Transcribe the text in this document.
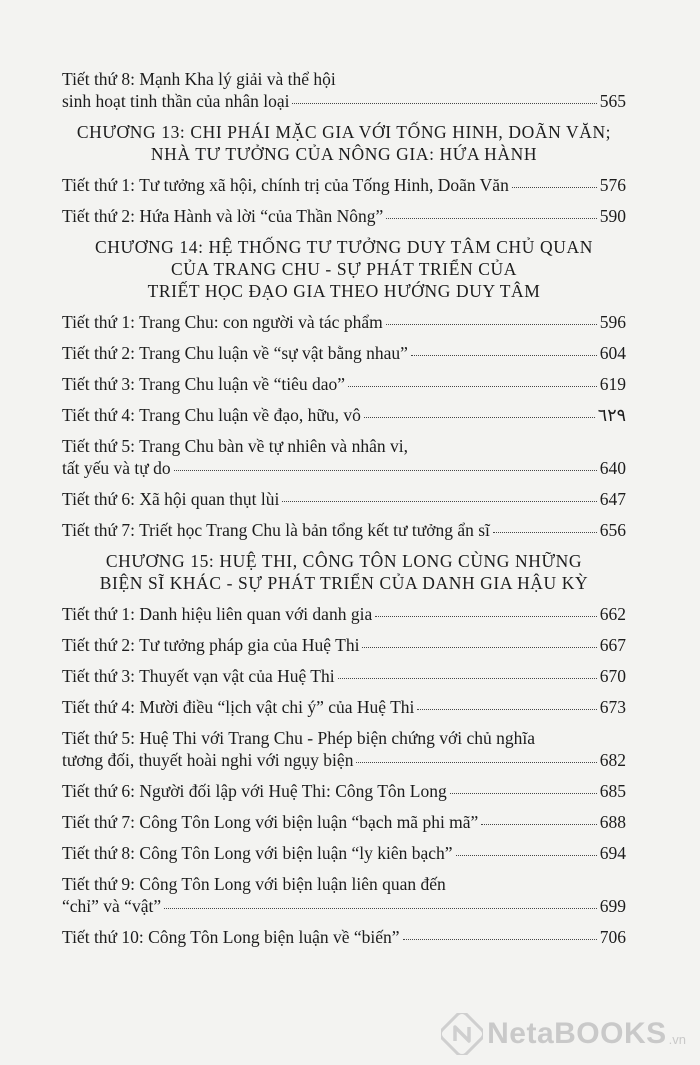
Tiết thứ 8: Mạnh Kha lý giải và thể hội
sinh hoạt tinh thần của nhân loại	565
CHƯƠNG 13: CHI PHÁI MẶC GIA VỚI TỐNG HINH, DOÃN VĂN;
NHÀ TƯ TƯỞNG CỦA NÔNG GIA: HỨA HÀNH
Tiết thứ 1: Tư tưởng xã hội, chính trị của Tống Hinh, Doãn Văn	576
Tiết thứ 2: Hứa Hành và lời “của Thần Nông”	590
CHƯƠNG 14: HỆ THỐNG TƯ TƯỞNG DUY TÂM CHỦ QUAN
CỦA TRANG CHU - SỰ PHÁT TRIỂN CỦA
TRIẾT HỌC ĐẠO GIA THEO HƯỚNG DUY TÂM
Tiết thứ 1: Trang Chu: con người và tác phẩm	596
Tiết thứ 2: Trang Chu luận về “sự vật bằng nhau”	604
Tiết thứ 3: Trang Chu luận về “tiêu dao”	619
Tiết thứ 4: Trang Chu luận về đạo, hữu, vô	٦٢٩
Tiết thứ 5: Trang Chu bàn về tự nhiên và nhân vi,
tất yếu và tự do	640
Tiết thứ 6: Xã hội quan thụt lùi	647
Tiết thứ 7: Triết học Trang Chu là bản tổng kết tư tưởng ẩn sĩ	656
CHƯƠNG 15: HUỆ THI, CÔNG TÔN LONG CÙNG NHỮNG
BIỆN SĨ KHÁC - SỰ PHÁT TRIỂN CỦA DANH GIA HẬU KỲ
Tiết thứ 1: Danh hiệu liên quan với danh gia	662
Tiết thứ 2: Tư tưởng pháp gia của Huệ Thi	667
Tiết thứ 3: Thuyết vạn vật của Huệ Thi	670
Tiết thứ 4: Mười điều “lịch vật chi ý” của Huệ Thi	673
Tiết thứ 5: Huệ Thi với Trang Chu - Phép biện chứng với chủ nghĩa
tương đối, thuyết hoài nghi với ngụy biện	682
Tiết thứ 6: Người đối lập với Huệ Thi: Công Tôn Long	685
Tiết thứ 7: Công Tôn Long với biện luận “bạch mã phi mã”	688
Tiết thứ 8: Công Tôn Long với biện luận “ly kiên bạch”	694
Tiết thứ 9: Công Tôn Long với biện luận liên quan đến
“chỉ” và “vật”	699
Tiết thứ 10: Công Tôn Long biện luận về “biến”	706
NetaBOOKS .vn
